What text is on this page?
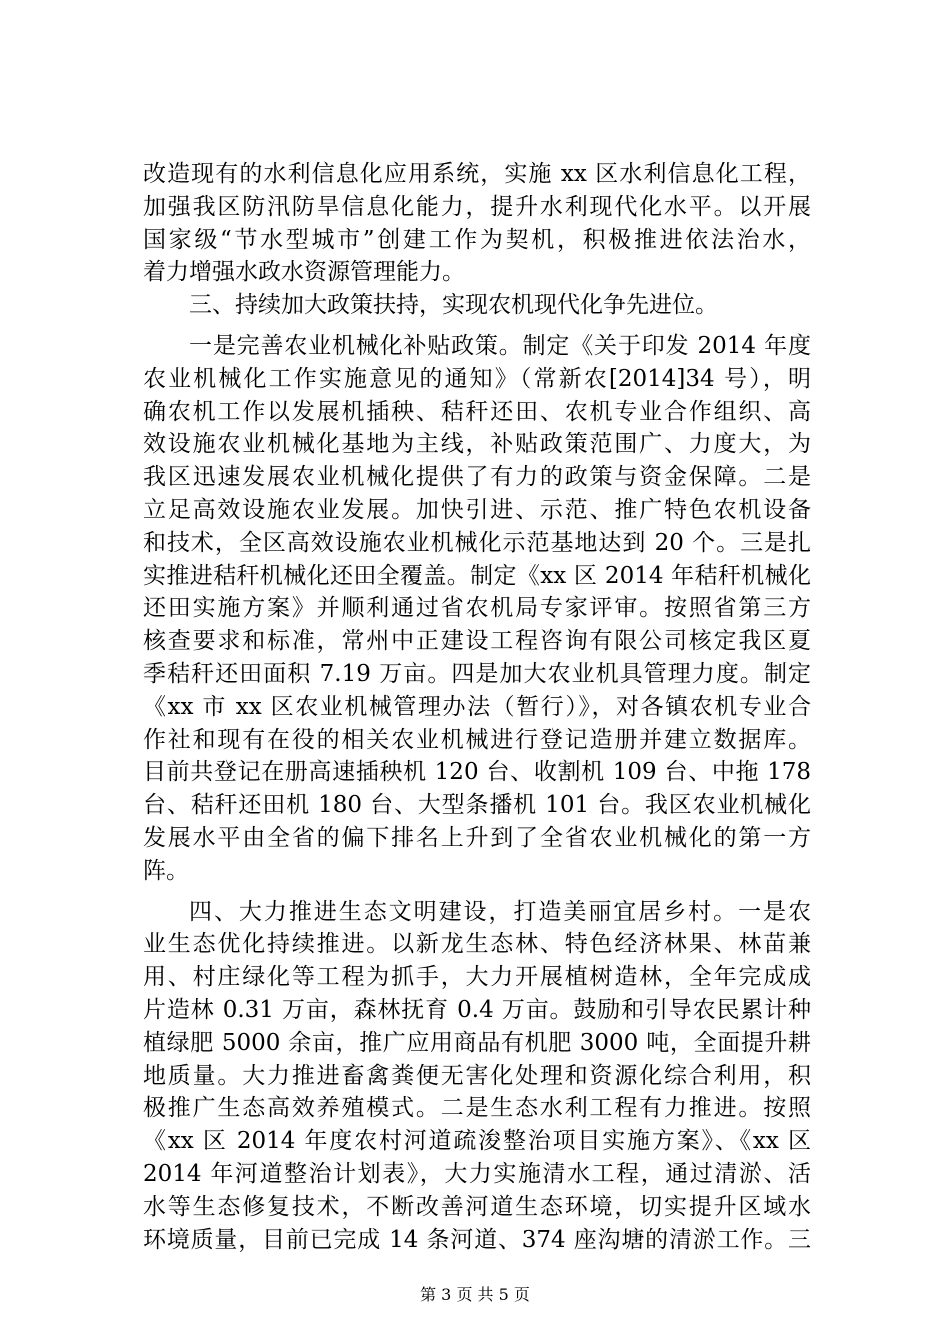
改造现有的水利信息化应用系统，实施 xx 区水利信息化工程，
加强我区防汛防旱信息化能力，提升水利现代化水平。以开展
国家级“节水型城市”创建工作为契机，积极推进依法治水，
着力增强水政水资源管理能力。
三、持续加大政策扶持，实现农机现代化争先进位。
一是完善农业机械化补贴政策。制定《关于印发 2014 年度
农业机械化工作实施意见的通知》（常新农[2014]34 号），明
确农机工作以发展机插秧、秸秆还田、农机专业合作组织、高
效设施农业机械化基地为主线，补贴政策范围广、力度大，为
我区迅速发展农业机械化提供了有力的政策与资金保障。二是
立足高效设施农业发展。加快引进、示范、推广特色农机设备
和技术，全区高效设施农业机械化示范基地达到 20 个。三是扎
实推进秸秆机械化还田全覆盖。制定《xx 区 2014 年秸秆机械化
还田实施方案》并顺利通过省农机局专家评审。按照省第三方
核查要求和标准，常州中正建设工程咨询有限公司核定我区夏
季秸秆还田面积 7.19 万亩。四是加大农业机具管理力度。制定
《xx 市 xx 区农业机械管理办法（暂行）》，对各镇农机专业合
作社和现有在役的相关农业机械进行登记造册并建立数据库。
目前共登记在册高速插秧机 120 台、收割机 109 台、中拖 178
台、秸秆还田机 180 台、大型条播机 101 台。我区农业机械化
发展水平由全省的偏下排名上升到了全省农业机械化的第一方
阵。
四、大力推进生态文明建设，打造美丽宜居乡村。一是农
业生态优化持续推进。以新龙生态林、特色经济林果、林苗兼
用、村庄绿化等工程为抓手，大力开展植树造林，全年完成成
片造林 0.31 万亩，森林抚育 0.4 万亩。鼓励和引导农民累计种
植绿肥 5000 余亩，推广应用商品有机肥 3000 吨，全面提升耕
地质量。大力推进畜禽粪便无害化处理和资源化综合利用，积
极推广生态高效养殖模式。二是生态水利工程有力推进。按照
《xx 区 2014 年度农村河道疏浚整治项目实施方案》、《xx 区
2014 年河道整治计划表》，大力实施清水工程，通过清淤、活
水等生态修复技术，不断改善河道生态环境，切实提升区域水
环境质量，目前已完成 14 条河道、374 座沟塘的清淤工作。三
第 3 页 共 5 页
